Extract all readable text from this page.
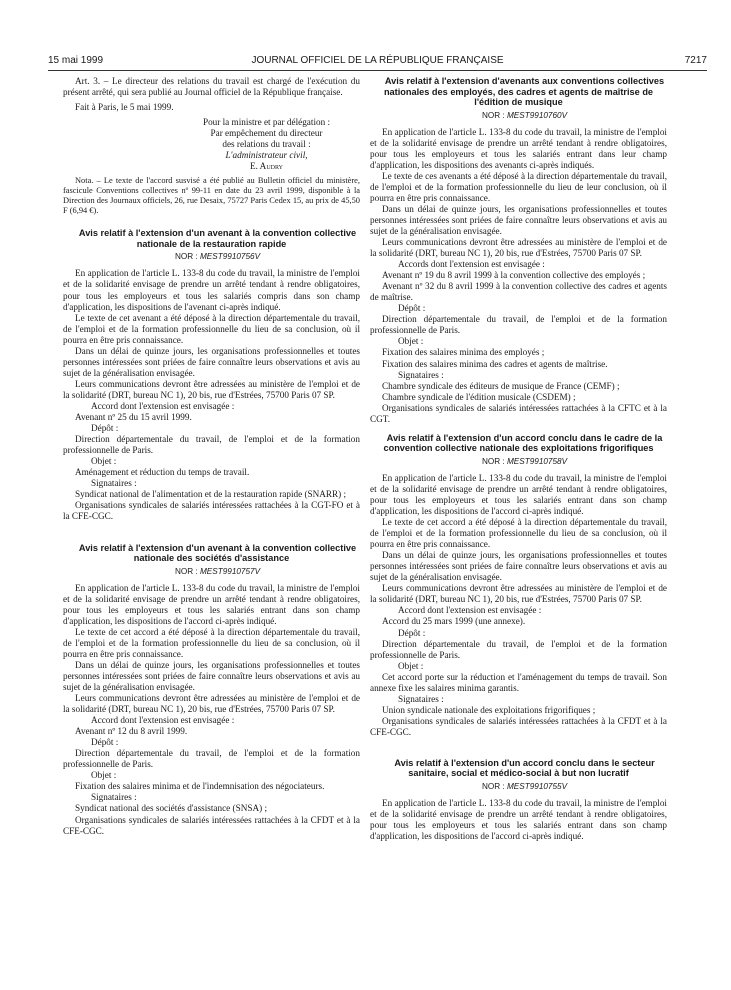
15 mai 1999	JOURNAL OFFICIEL DE LA RÉPUBLIQUE FRANÇAISE	7217

Art. 3. – Le directeur des relations du travail est chargé de l'exécution du présent arrêté, qui sera publié au Journal officiel de la République française.

Fait à Paris, le 5 mai 1999.

Pour la ministre et par délégation :

Par empêchement du directeur

des relations du travail :

L'administrateur civil,

E. Audry

Nota. – Le texte de l'accord susvisé a été publié au Bulletin officiel du ministère, fascicule Conventions collectives nº 99-11 en date du 23 avril 1999, disponible à la Direction des Journaux officiels, 26, rue Desaix, 75727 Paris Cedex 15, au prix de 45,50 F (6,94 €).

Avis relatif à l'extension d'un avenant à la convention collective nationale de la restauration rapide

NOR : MEST9910756V

En application de l'article L. 133-8 du code du travail, la ministre de l'emploi et de la solidarité envisage de prendre un arrêté tendant à rendre obligatoires, pour tous les employeurs et tous les salariés compris dans son champ d'application, les dispositions de l'avenant ci-après indiqué.

Le texte de cet avenant a été déposé à la direction départementale du travail, de l'emploi et de la formation professionnelle du lieu de sa conclusion, où il pourra en être pris connaissance.

Dans un délai de quinze jours, les organisations professionnelles et toutes personnes intéressées sont priées de faire connaître leurs observations et avis au sujet de la généralisation envisagée.

Leurs communications devront être adressées au ministère de l'emploi et de la solidarité (DRT, bureau NC 1), 20 bis, rue d'Estrées, 75700 Paris 07 SP.

Accord dont l'extension est envisagée :

Avenant nº 25 du 15 avril 1999.

Dépôt :

Direction départementale du travail, de l'emploi et de la formation professionnelle de Paris.

Objet :

Aménagement et réduction du temps de travail.

Signataires :

Syndicat national de l'alimentation et de la restauration rapide (SNARR) ;

Organisations syndicales de salariés intéressées rattachées à la CGT-FO et à la CFE-CGC.

Avis relatif à l'extension d'un avenant à la convention collective nationale des sociétés d'assistance

NOR : MEST9910757V

En application de l'article L. 133-8 du code du travail, la ministre de l'emploi et de la solidarité envisage de prendre un arrêté tendant à rendre obligatoires, pour tous les employeurs et tous les salariés entrant dans son champ d'application, les dispositions de l'accord ci-après indiqué.

Le texte de cet accord a été déposé à la direction départementale du travail, de l'emploi et de la formation professionnelle du lieu de sa conclusion, où il pourra en être pris connaissance.

Dans un délai de quinze jours, les organisations professionnelles et toutes personnes intéressées sont priées de faire connaître leurs observations et avis au sujet de la généralisation envisagée.

Leurs communications devront être adressées au ministère de l'emploi et de la solidarité (DRT, bureau NC 1), 20 bis, rue d'Estrées, 75700 Paris 07 SP.

Accord dont l'extension est envisagée :

Avenant nº 12 du 8 avril 1999.

Dépôt :

Direction départementale du travail, de l'emploi et de la formation professionnelle de Paris.

Objet :

Fixation des salaires minima et de l'indemnisation des négociateurs.

Signataires :

Syndicat national des sociétés d'assistance (SNSA) ;

Organisations syndicales de salariés intéressées rattachées à la CFDT et à la CFE-CGC.

Avis relatif à l'extension d'avenants aux conventions collectives nationales des employés, des cadres et agents de maîtrise de l'édition de musique

NOR : MEST9910760V

En application de l'article L. 133-8 du code du travail, la ministre de l'emploi et de la solidarité envisage de prendre un arrêté tendant à rendre obligatoires, pour tous les employeurs et tous les salariés entrant dans leur champ d'application, les dispositions des avenants ci-après indiqués.

Le texte de ces avenants a été déposé à la direction départementale du travail, de l'emploi et de la formation professionnelle du lieu de leur conclusion, où il pourra en être pris connaissance.

Dans un délai de quinze jours, les organisations professionnelles et toutes personnes intéressées sont priées de faire connaître leurs observations et avis au sujet de la généralisation envisagée.

Leurs communications devront être adressées au ministère de l'emploi et de la solidarité (DRT, bureau NC 1), 20 bis, rue d'Estrées, 75700 Paris 07 SP.

Accords dont l'extension est envisagée :

Avenant nº 19 du 8 avril 1999 à la convention collective des employés ;

Avenant nº 32 du 8 avril 1999 à la convention collective des cadres et agents de maîtrise.

Dépôt :

Direction départementale du travail, de l'emploi et de la formation professionnelle de Paris.

Objet :

Fixation des salaires minima des employés ;

Fixation des salaires minima des cadres et agents de maîtrise.

Signataires :

Chambre syndicale des éditeurs de musique de France (CEMF) ;

Chambre syndicale de l'édition musicale (CSDEM) ;

Organisations syndicales de salariés intéressées rattachées à la CFTC et à la CGT.

Avis relatif à l'extension d'un accord conclu dans le cadre de la convention collective nationale des exploitations frigorifiques

NOR : MEST9910758V

En application de l'article L. 133-8 du code du travail, la ministre de l'emploi et de la solidarité envisage de prendre un arrêté tendant à rendre obligatoires, pour tous les employeurs et tous les salariés entrant dans son champ d'application, les dispositions de l'accord ci-après indiqué.

Le texte de cet accord a été déposé à la direction départementale du travail, de l'emploi et de la formation professionnelle du lieu de sa conclusion, où il pourra en être pris connaissance.

Dans un délai de quinze jours, les organisations professionnelles et toutes personnes intéressées sont priées de faire connaître leurs observations et avis au sujet de la généralisation envisagée.

Leurs communications devront être adressées au ministère de l'emploi et de la solidarité (DRT, bureau NC 1), 20 bis, rue d'Estrées, 75700 Paris 07 SP.

Accord dont l'extension est envisagée :

Accord du 25 mars 1999 (une annexe).

Dépôt :

Direction départementale du travail, de l'emploi et de la formation professionnelle de Paris.

Objet :

Cet accord porte sur la réduction et l'aménagement du temps de travail. Son annexe fixe les salaires minima garantis.

Signataires :

Union syndicale nationale des exploitations frigorifiques ;

Organisations syndicales de salariés intéressées rattachées à la CFDT et à la CFE-CGC.

Avis relatif à l'extension d'un accord conclu dans le secteur sanitaire, social et médico-social à but non lucratif

NOR : MEST9910755V

En application de l'article L. 133-8 du code du travail, la ministre de l'emploi et de la solidarité envisage de prendre un arrêté tendant à rendre obligatoires, pour tous les employeurs et tous les salariés entrant dans son champ d'application, les dispositions de l'accord ci-après indiqué.
